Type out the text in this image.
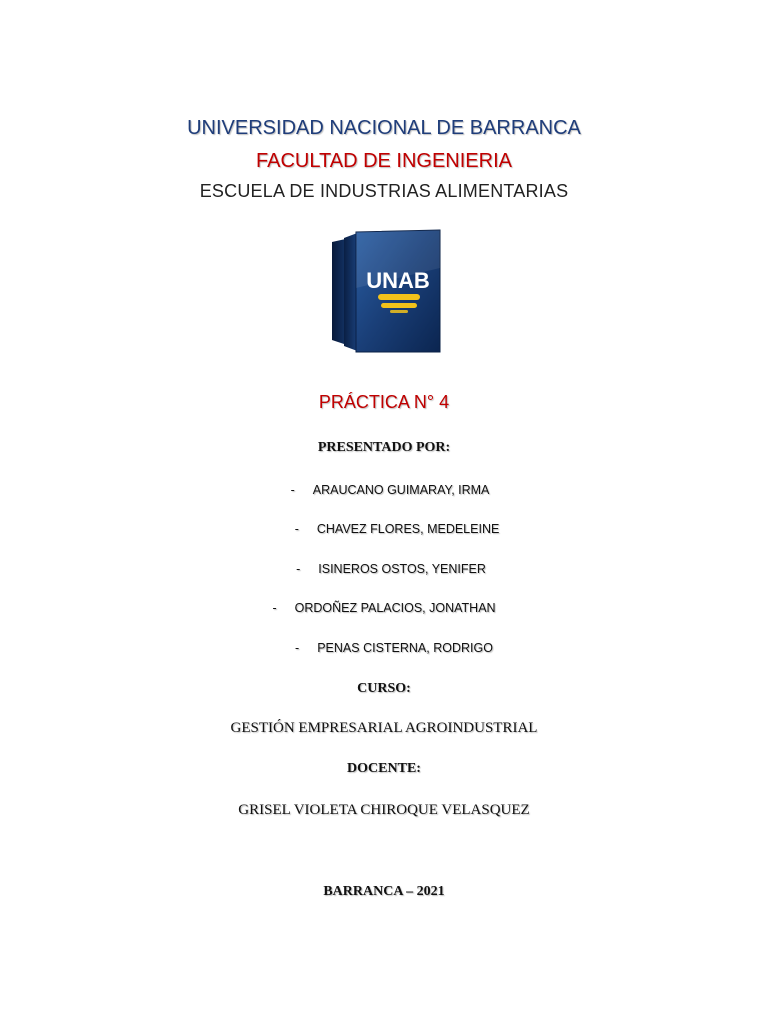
UNIVERSIDAD NACIONAL DE BARRANCA
FACULTAD DE INGENIERIA
ESCUELA DE INDUSTRIAS ALIMENTARIAS
UNAB
PRÁCTICA N° 4
PRESENTADO POR:
- ARAUCANO GUIMARAY, IRMA
- CHAVEZ FLORES, MEDELEINE
- ISINEROS OSTOS, YENIFER
- ORDOÑEZ PALACIOS, JONATHAN
- PENAS CISTERNA, RODRIGO
CURSO:
GESTIÓN EMPRESARIAL AGROINDUSTRIAL
DOCENTE:
GRISEL VIOLETA CHIROQUE VELASQUEZ
BARRANCA – 2021
